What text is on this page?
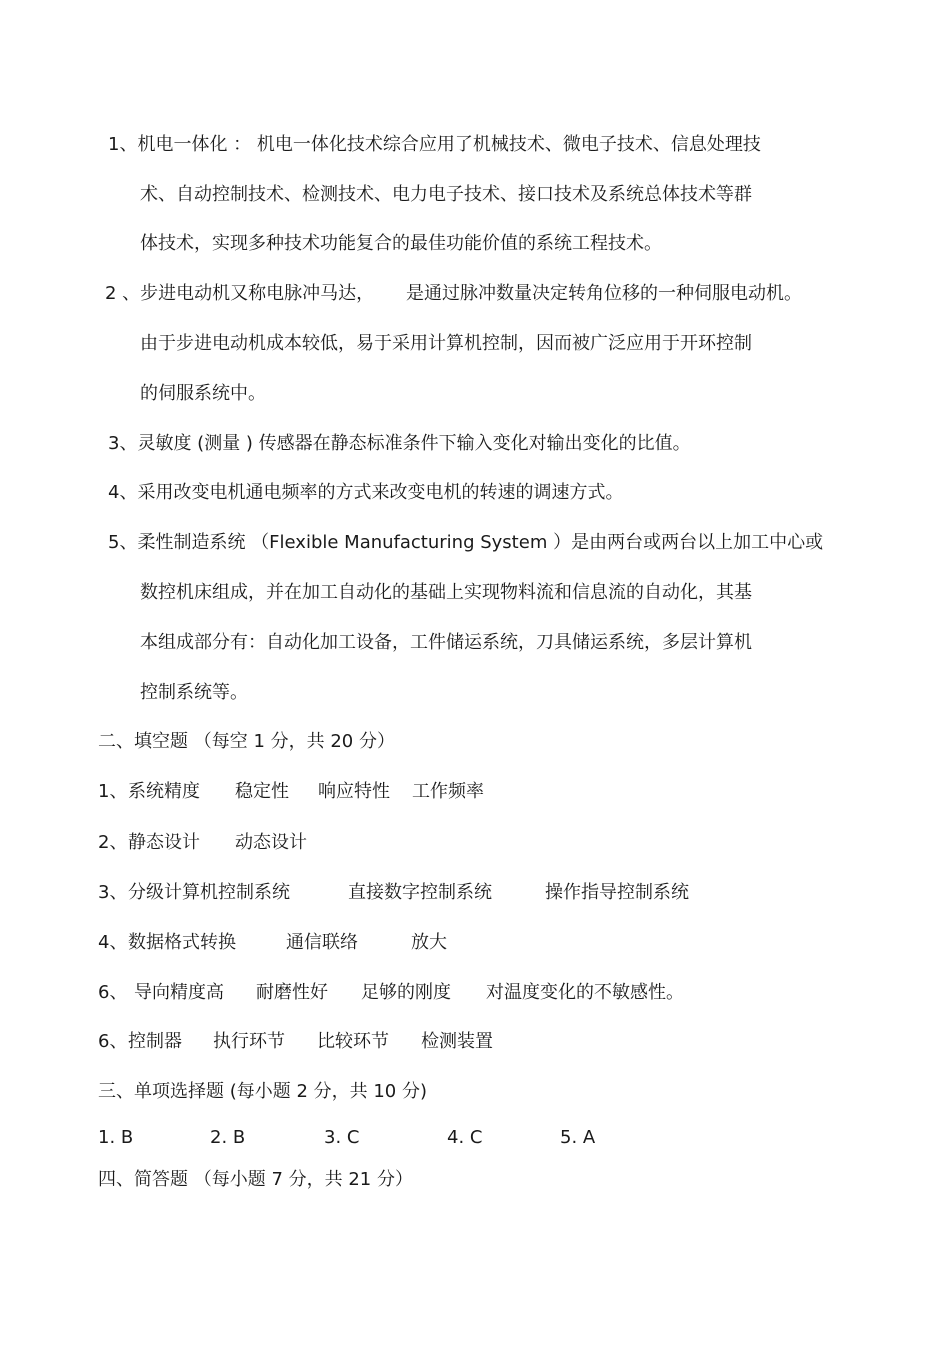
1、机电一体化 ： 机电一体化技术综合应用了机械技术、微电子技术、信息处理技
术、自动控制技术、检测技术、电力电子技术、接口技术及系统总体技术等群
体技术，实现多种技术功能复合的最佳功能价值的系统工程技术。
2 、步进电动机又称电脉冲马达， 是通过脉冲数量决定转角位移的一种伺服电动机。
由于步进电动机成本较低，易于采用计算机控制，因而被广泛应用于开环控制
的伺服系统中。
3、灵敏度 (测量 ) 传感器在静态标准条件下输入变化对输出变化的比值。
4、采用改变电机通电频率的方式来改变电机的转速的调速方式。
5、柔性制造系统 （Flexible Manufacturing System ）是由两台或两台以上加工中心或
数控机床组成，并在加工自动化的基础上实现物料流和信息流的自动化，其基
本组成部分有：自动化加工设备，工件储运系统，刀具储运系统，多层计算机
控制系统等。
二、填空题 （每空 1 分，共 20 分）
1、 系统精度 稳定性 响应特性 工作频率
2、 静态设计 动态设计
3、 分级计算机控制系统	直接数字控制系统	操作指导控制系统
4、 数据格式转换	通信联络	放大
6、 导向精度高 耐磨性好 足够的刚度 对温度变化的不敏感性。
6、 控制器 执行环节 比较环节 检测装置
三、单项选择题 (每小题 2 分，共 10 分)
1. B	2. B	3. C	4. C	5. A
四、简答题 （每小题 7 分，共 21 分）
